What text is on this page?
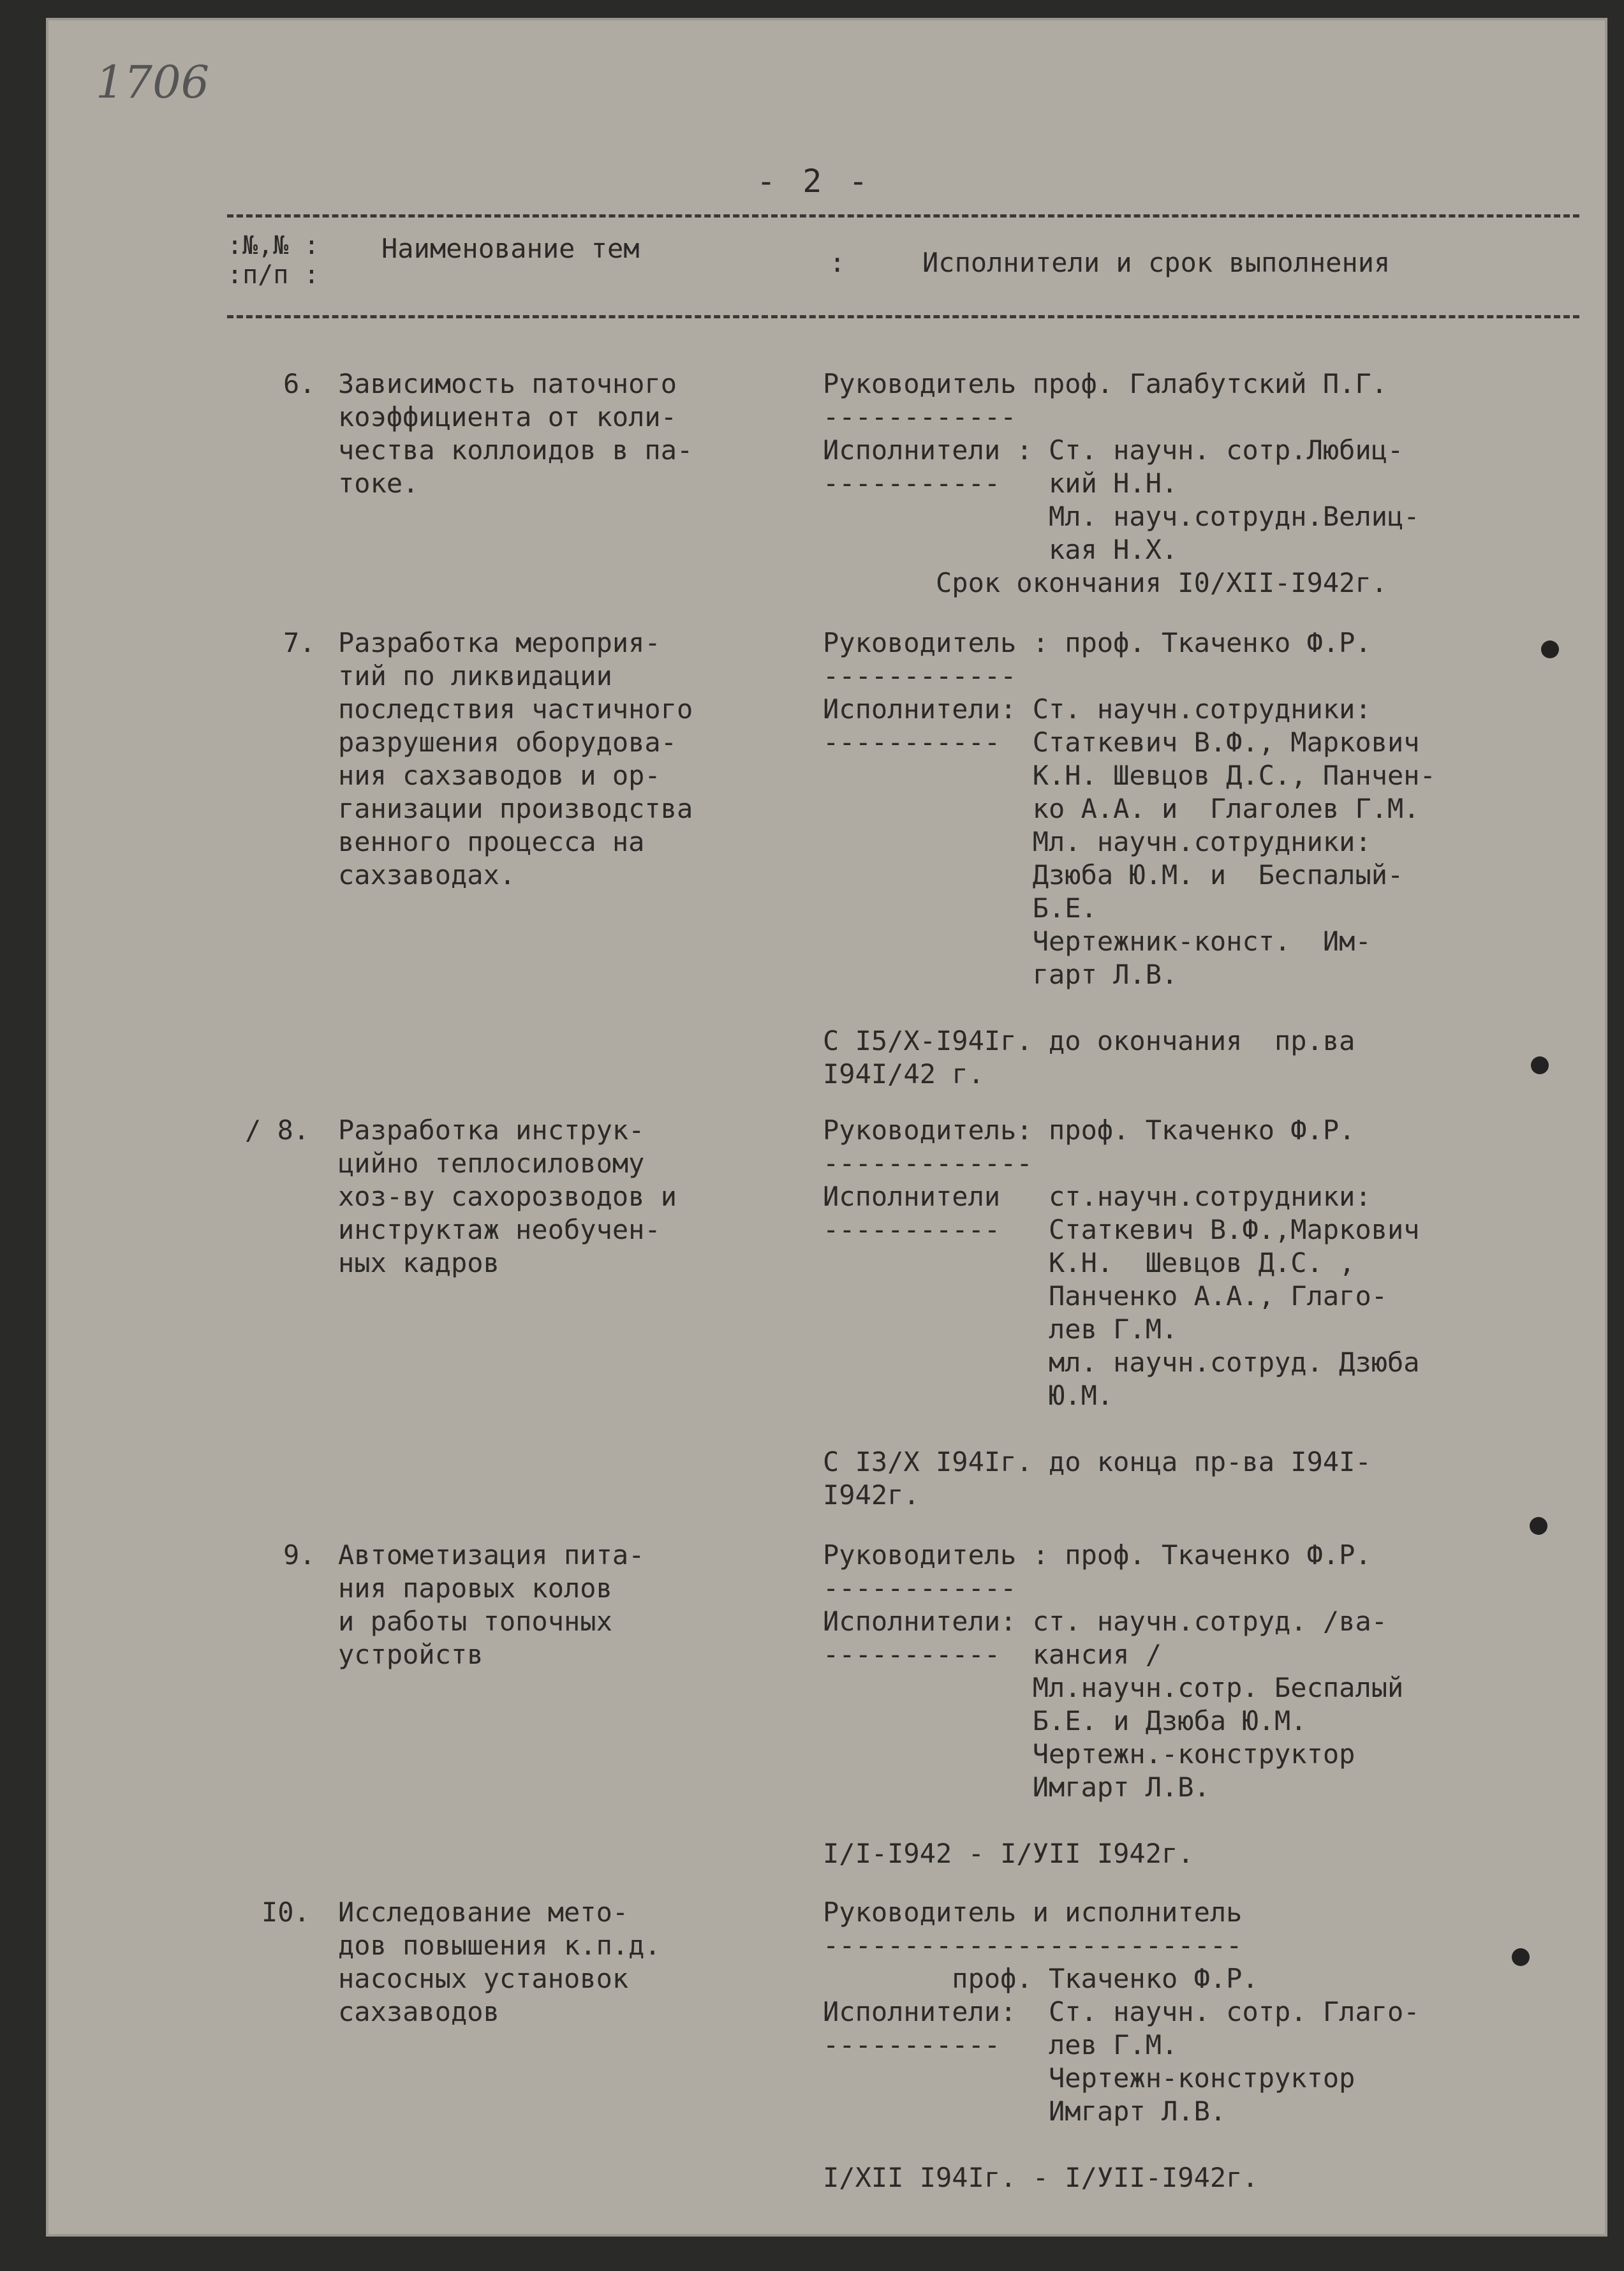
1706
- 2 -
:№,№ :
:п/п :
Наименование тем	:	Исполнители и срок выполнения
6. Зависимость паточного
коэффициента от коли-
чества коллоидов в па-
токе.
Руководитель проф. Галабутский П.Г.
------------
Исполнители : Ст. научн. сотр.Любиц-
-----------   кий Н.Н.
Мл. науч.сотрудн.Велиц-
кая Н.Х.
Срок окончания I0/XII-I942г.
7. Разработка мероприя-
тий по ликвидации
последствия частичного
разрушения оборудова-
ния сахзаводов и ор-
ганизации производства
венного процесса на
сахзаводах.
Руководитель : проф. Ткаченко Ф.Р.
------------
Исполнители: Ст. научн.сотрудники:
-----------  Статкевич В.Ф., Маркович
К.Н. Шевцов Д.С., Панчен-
ко А.А. и  Глаголев Г.М.
Мл. научн.сотрудники:
Дзюба Ю.М. и  Беспалый-
Б.Е.
Чертежник-конст.  Им-
гарт Л.В.

С I5/X-I94Iг. до окончания  пр.ва
I94I/42 г.
/ 8. Разработка инструк-
цийно теплосиловому
хоз-ву сахорозводов и
инструктаж необучен-
ных кадров
Руководитель: проф. Ткаченко Ф.Р.
-------------
Исполнители   ст.научн.сотрудники:
-----------   Статкевич В.Ф.,Маркович
К.Н.  Шевцов Д.С. ,
Панченко А.А., Глаго-
лев Г.М.
мл. научн.сотруд. Дзюба
Ю.М.

С I3/X I94Iг. до конца пр-ва I94I-
I942г.
9. Автометизация пита-
ния паровых колов
и работы топочных
устройств
Руководитель : проф. Ткаченко Ф.Р.
------------
Исполнители: ст. научн.сотруд. /ва-
-----------  кансия /
Мл.научн.сотр. Беспалый
Б.Е. и Дзюба Ю.М.
Чертежн.-конструктор
Имгарт Л.В.

I/I-I942 - I/УII I942г.
I0. Исследование мето-
дов повышения к.п.д.
насосных установок
сахзаводов
Руководитель и исполнитель
--------------------------
проф. Ткаченко Ф.Р.
Исполнители:  Ст. научн. сотр. Глаго-
-----------   лев Г.М.
Чертежн-конструктор
Имгарт Л.В.

I/XII I94Iг. - I/УII-I942г.
